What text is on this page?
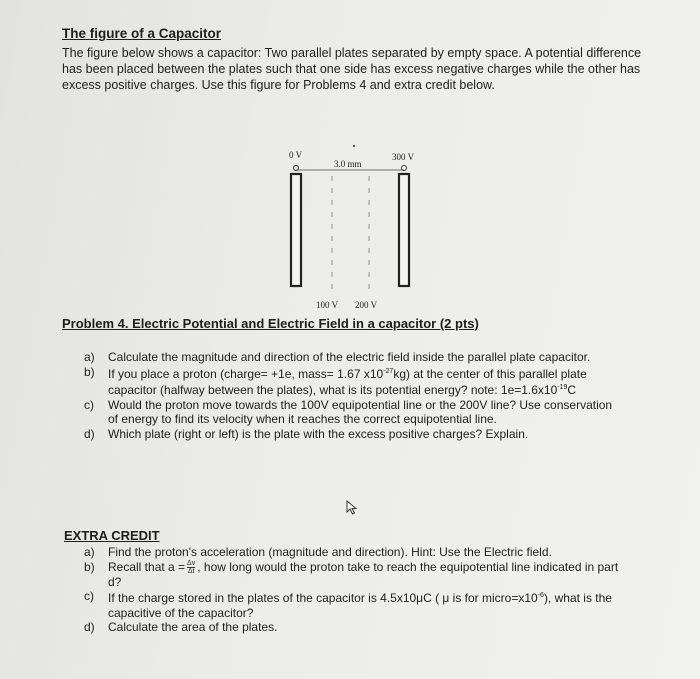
The figure of a Capacitor
The figure below shows a capacitor: Two parallel plates separated by empty space. A potential difference has been placed between the plates such that one side has excess negative charges while the other has excess positive charges. Use this figure for Problems 4 and extra credit below.
0 V
3.0 mm
300 V
100 V 200 V
Problem 4. Electric Potential and Electric Field in a capacitor (2 pts)
a) Calculate the magnitude and direction of the electric field inside the parallel plate capacitor.
b) If you place a proton (charge= +1e, mass= 1.67 $x10^{-27}kg$) at the center of this parallel plate capacitor (halfway between the plates), what is its potential energy? note: $1e=1.6x10^{-19}C$
c) Would the proton move towards the 100V equipotential line or the 200V line? Use conservation of energy to find its velocity when it reaches the correct equipotential line.
d) Which plate (right or left) is the plate with the excess positive charges? Explain.
EXTRA CREDIT
a) Find the proton's acceleration (magnitude and direction). Hint: Use the Electric field.
b) Recall that $a = \frac{\Delta v}{\Delta t}$ , how long would the proton take to reach the equipotential line indicated in part d?
c) If the charge stored in the plates of the capacitor is 4.5x10μC ( μ is for $micro=x10^{-6}$), what is the capacitive of the capacitor?
d) Calculate the area of the plates.
